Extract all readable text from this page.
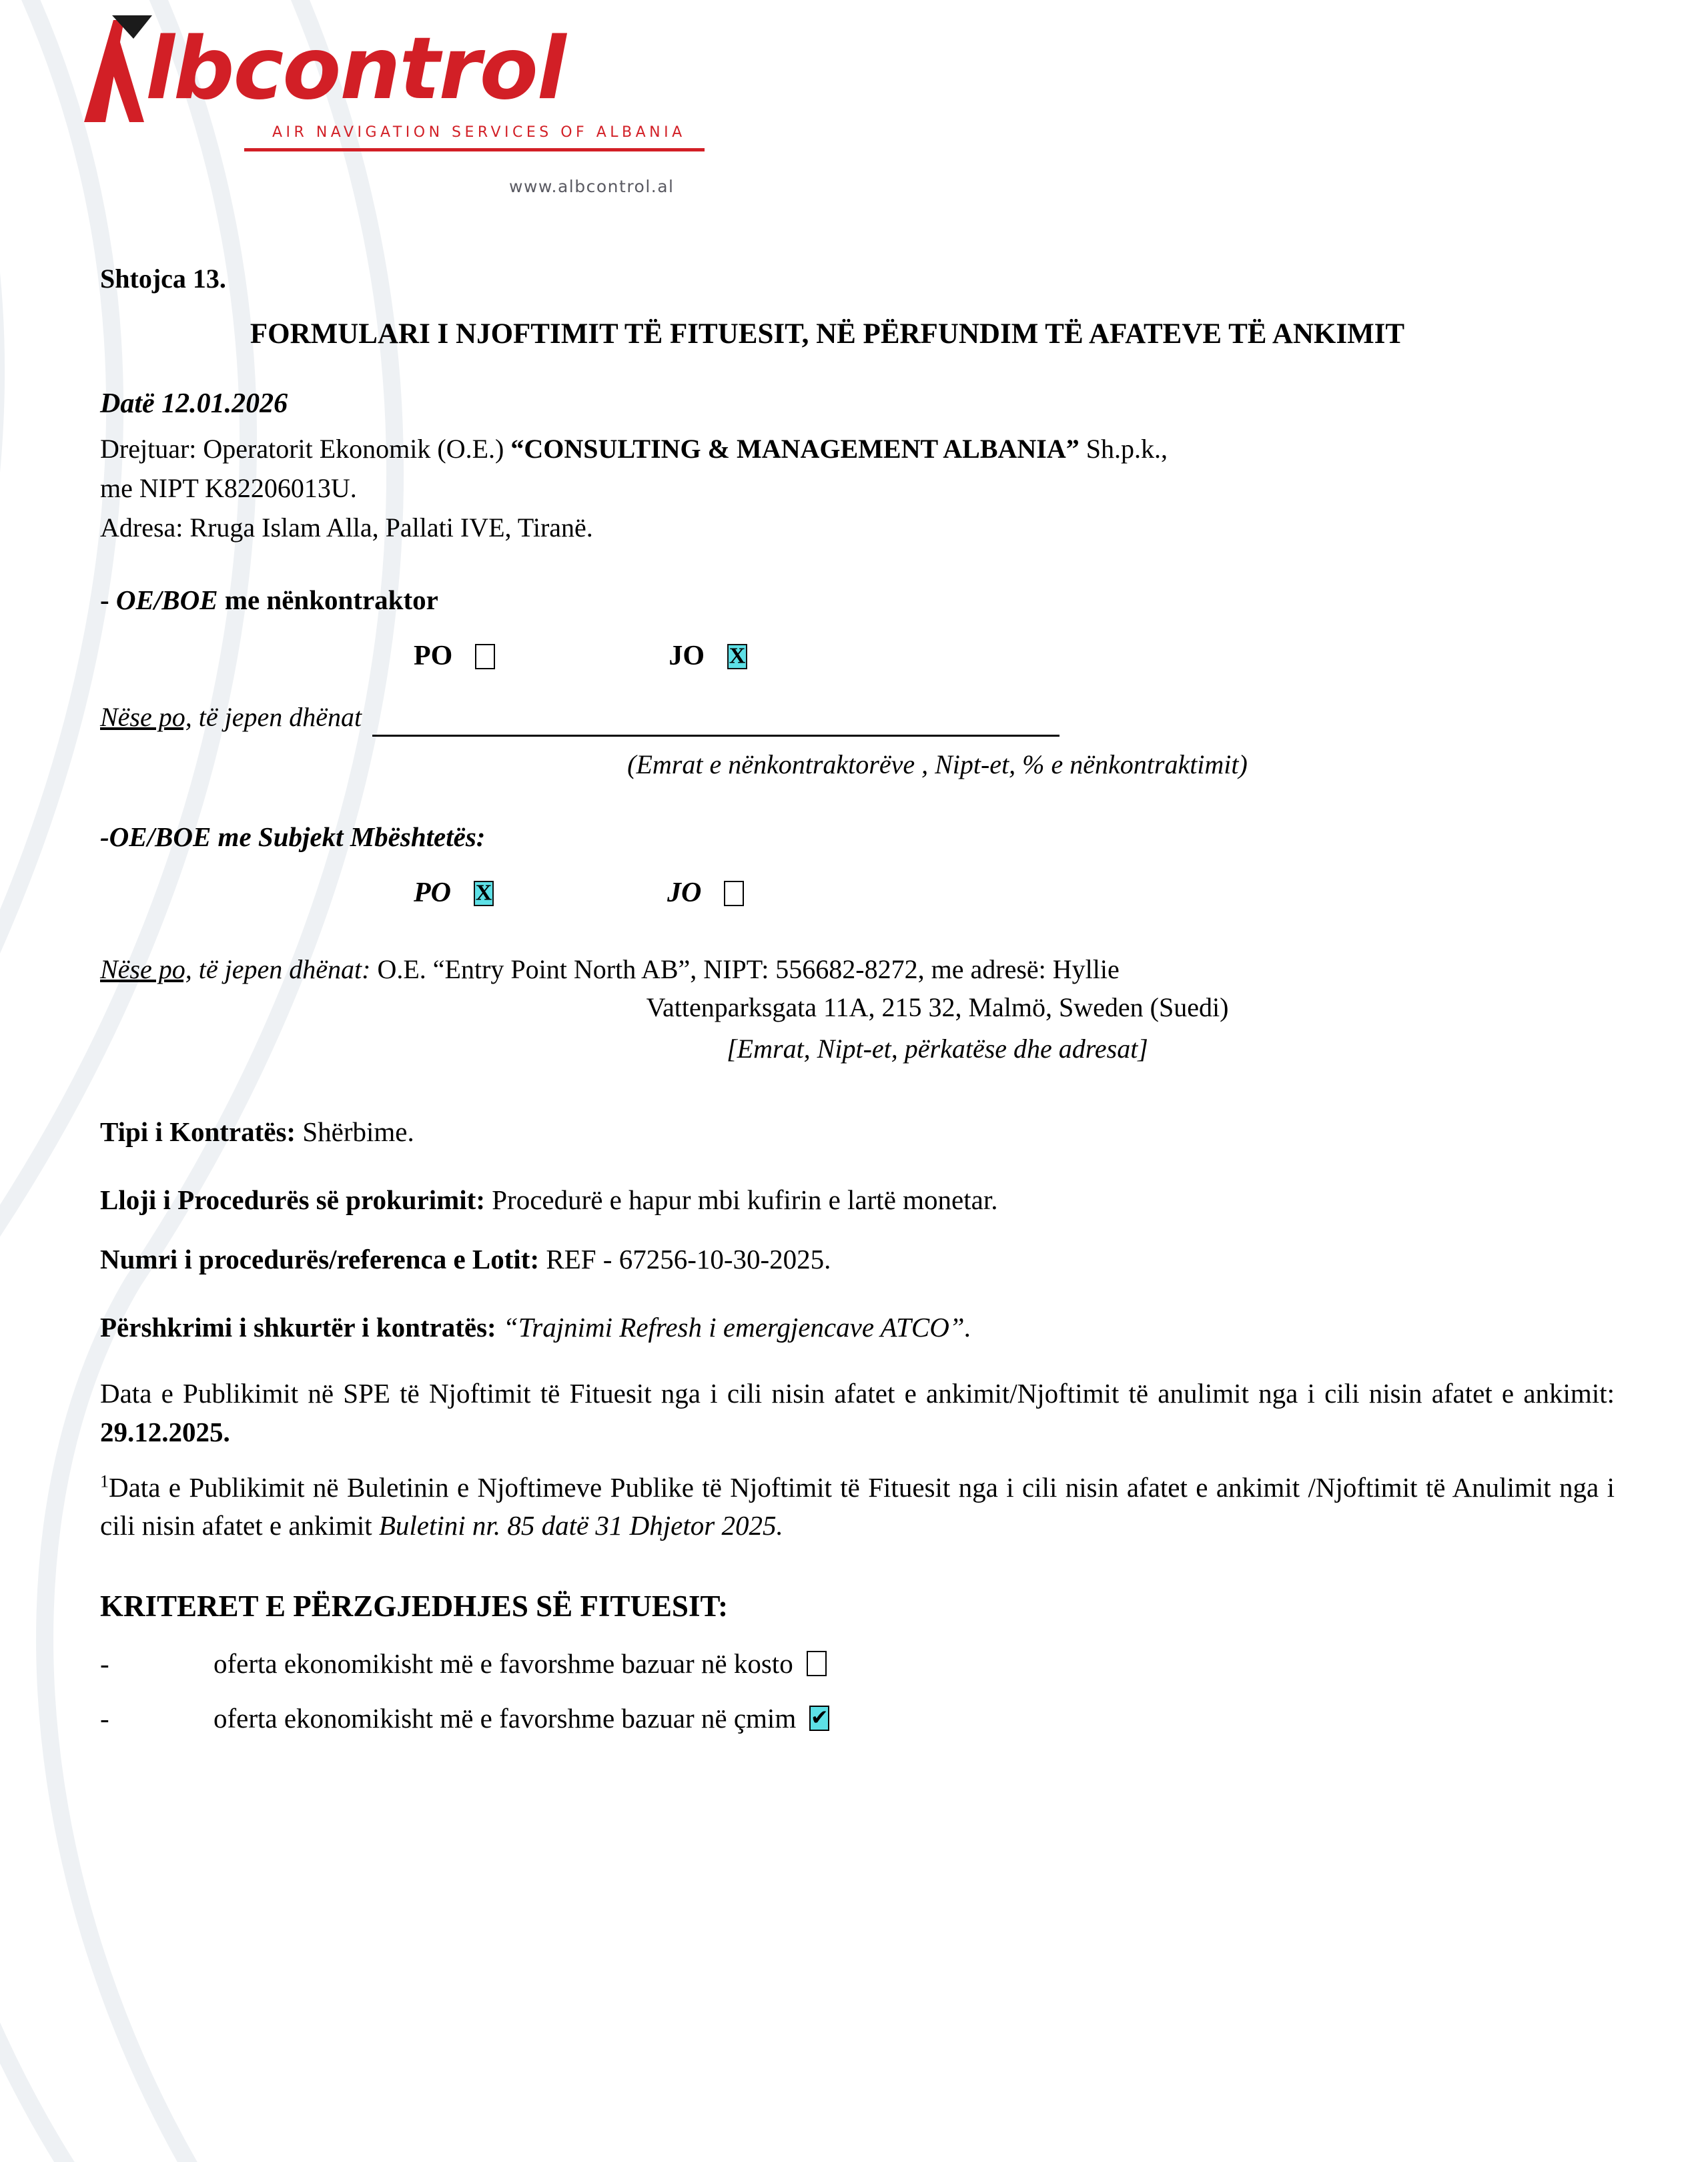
lbcontrol
AIR NAVIGATION SERVICES OF ALBANIA
www.albcontrol.al
Shtojca 13.
FORMULARI I NJOFTIMIT TË FITUESIT, NË PËRFUNDIM TË AFATEVE TË ANKIMIT
Datë 12.01.2026
Drejtuar: Operatorit Ekonomik (O.E.) “CONSULTING & MANAGEMENT ALBANIA” Sh.p.k.,
me NIPT K82206013U.
Adresa: Rruga Islam Alla, Pallati IVE, Tiranë.
- OE/BOE me nënkontraktor
PO	JO
X
Nëse po, të jepen dhënat
(Emrat e nënkontraktorëve , Nipt-et, % e nënkontraktimit)
-OE/BOE me Subjekt Mbështetës:
PO X	JO
Nëse po, të jepen dhënat: O.E. “Entry Point North AB”, NIPT: 556682-8272, me adresë: Hyllie
Vattenparksgata 11A, 215 32, Malmö, Sweden (Suedi)
[Emrat, Nipt-et, përkatëse dhe adresat]
Tipi i Kontratës: Shërbime.
Lloji i Procedurës së prokurimit: Procedurë e hapur mbi kufirin e lartë monetar.
Numri i procedurës/referenca e Lotit: REF - 67256-10-30-2025.
Përshkrimi i shkurtër i kontratës: “Trajnimi Refresh i emergjencave ATCO”.
Data e Publikimit në SPE të Njoftimit të Fituesit nga i cili nisin afatet e ankimit/Njoftimit të anulimit nga i cili nisin afatet e ankimit: 29.12.2025.
$^1$Data e Publikimit në Buletinin e Njoftimeve Publike të Njoftimit të Fituesit nga i cili nisin afatet e ankimit /Njoftimit të Anulimit nga i cili nisin afatet e ankimit Buletini nr. 85 datë 31 Dhjetor 2025.
KRITERET E PËRZGJEDHJES SË FITUESIT:
-	oferta ekonomikisht më e favorshme bazuar në kosto
-	oferta ekonomikisht më e favorshme bazuar në çmim
✔
